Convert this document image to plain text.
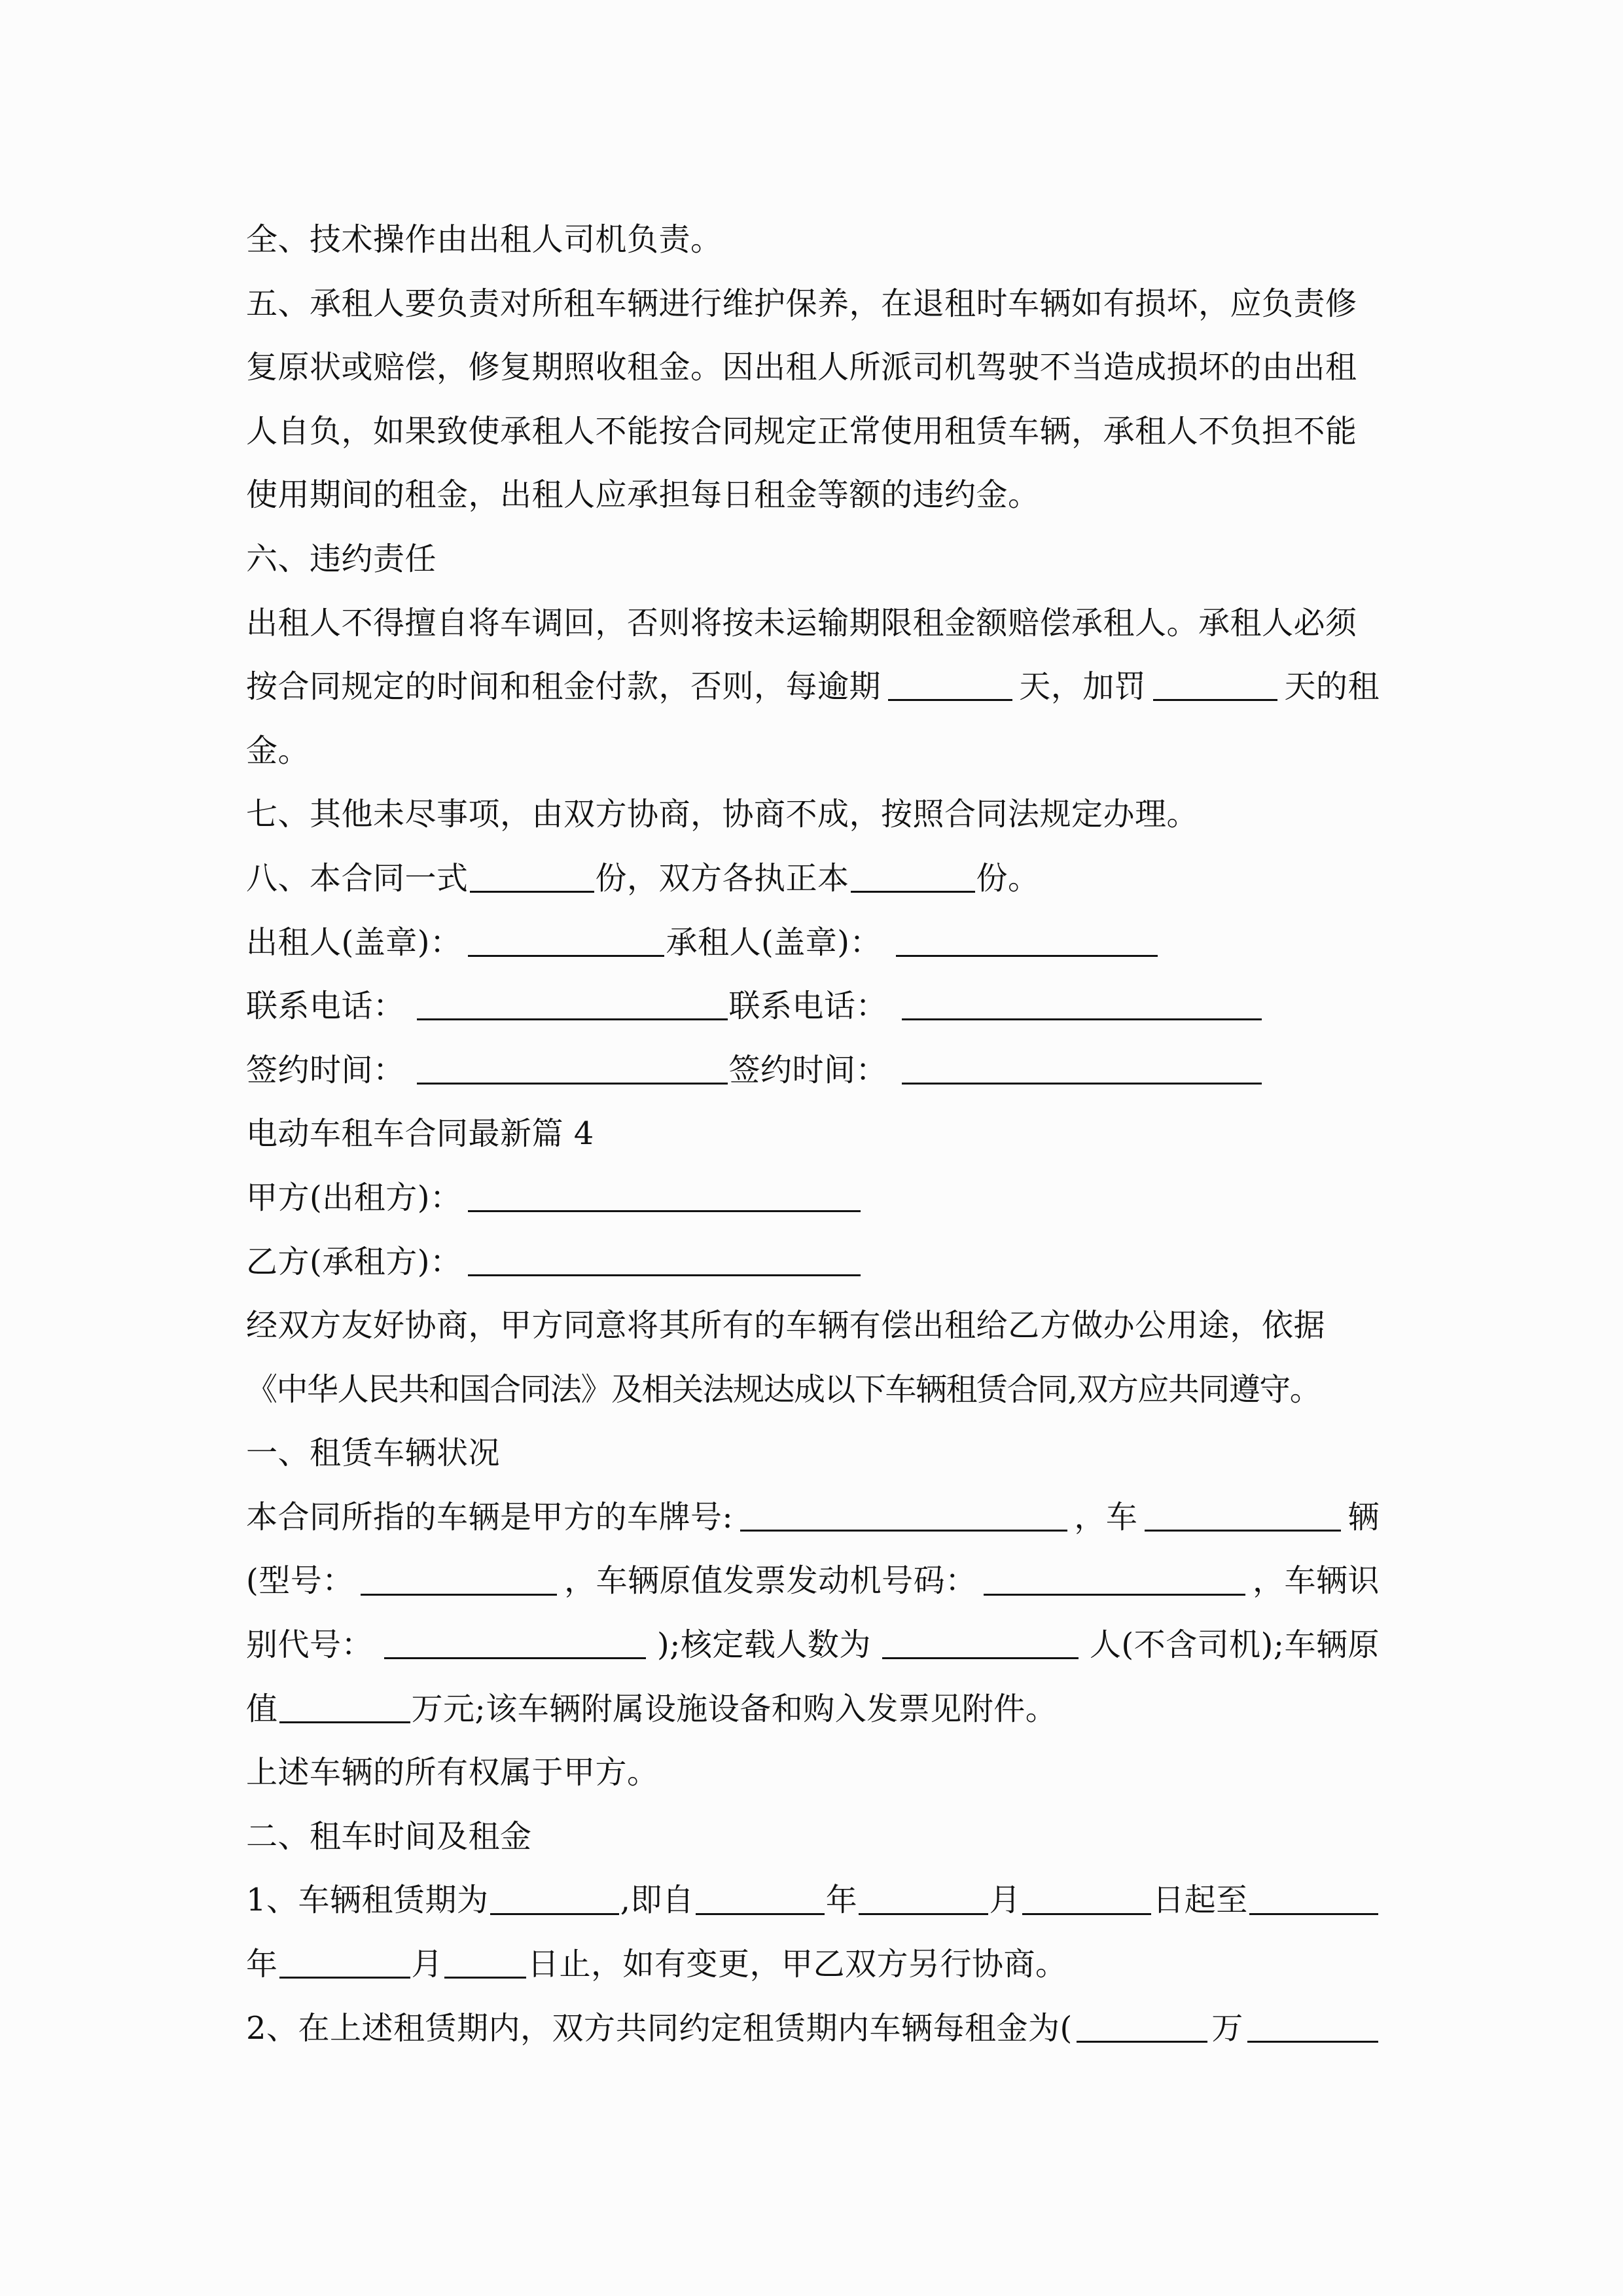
全、技术操作由出租人司机负责。
五、承租人要负责对所租车辆进行维护保养，在退租时车辆如有损坏，应负责修
复原状或赔偿，修复期照收租金。因出租人所派司机驾驶不当造成损坏的由出租
人自负，如果致使承租人不能按合同规定正常使用租赁车辆，承租人不负担不能
使用期间的租金，出租人应承担每日租金等额的违约金。
六、违约责任
出租人不得擅自将车调回，否则将按未运输期限租金额赔偿承租人。承租人必须
按合同规定的时间和租金付款，否则，每逾期	天，加罚	天的租
金。
七、其他未尽事项，由双方协商，协商不成，按照合同法规定办理。
八、本合同一式	份，双方各执正本	份。
出租人(盖章)：	承租人(盖章)：
联系电话：	联系电话：
签约时间：	签约时间：
电动车租车合同最新篇 4
甲方(出租方)：
乙方(承租方)：
经双方友好协商，甲方同意将其所有的车辆有偿出租给乙方做办公用途，依据
《中华人民共和国合同法》及相关法规达成以下车辆租赁合同,双方应共同遵守。
一、租赁车辆状况
本合同所指的车辆是甲方的车牌号:	，车	辆
(型号：	，车辆原值发票发动机号码：	，车辆识
别代号：	);核定载人数为	人(不含司机);车辆原
值	万元;该车辆附属设施设备和购入发票见附件。
上述车辆的所有权属于甲方。
二、租车时间及租金
1、车辆租赁期为	,即自	年	月	日起至
年	月	日止，如有变更，甲乙双方另行协商。
2、在上述租赁期内，双方共同约定租赁期内车辆每租金为(	万
